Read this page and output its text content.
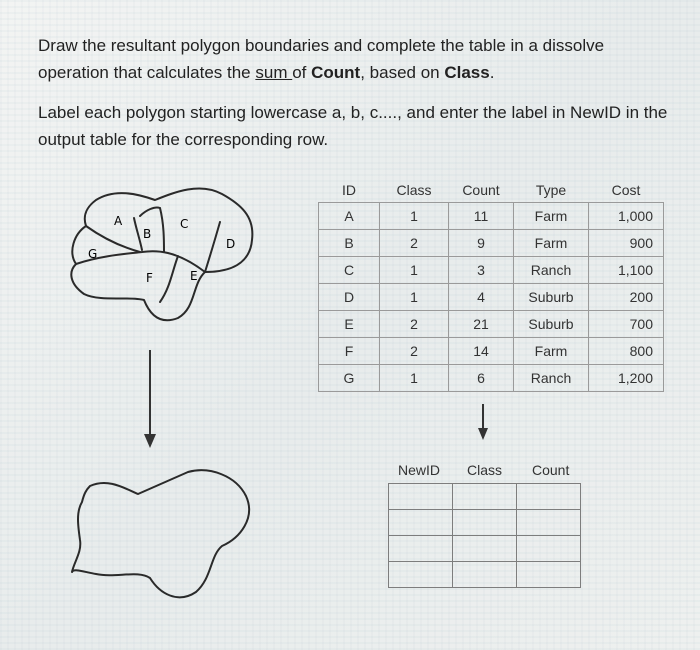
Draw the resultant polygon boundaries and complete the table in a dissolve
operation that calculates the sum of Count, based on Class.

Label each polygon starting lowercase a, b, c...., and enter the label in NewID in the output table for the corresponding row.

A
B
C
D
E
F
G
ID	Class	Count	Type	Cost
A	1	11	Farm	1,000
B	2	9	Farm	900
C	1	3	Ranch	1,100
D	1	4	Suburb	200
E	2	21	Suburb	700
F	2	14	Farm	800
G	1	6	Ranch	1,200
NewID Class Count
